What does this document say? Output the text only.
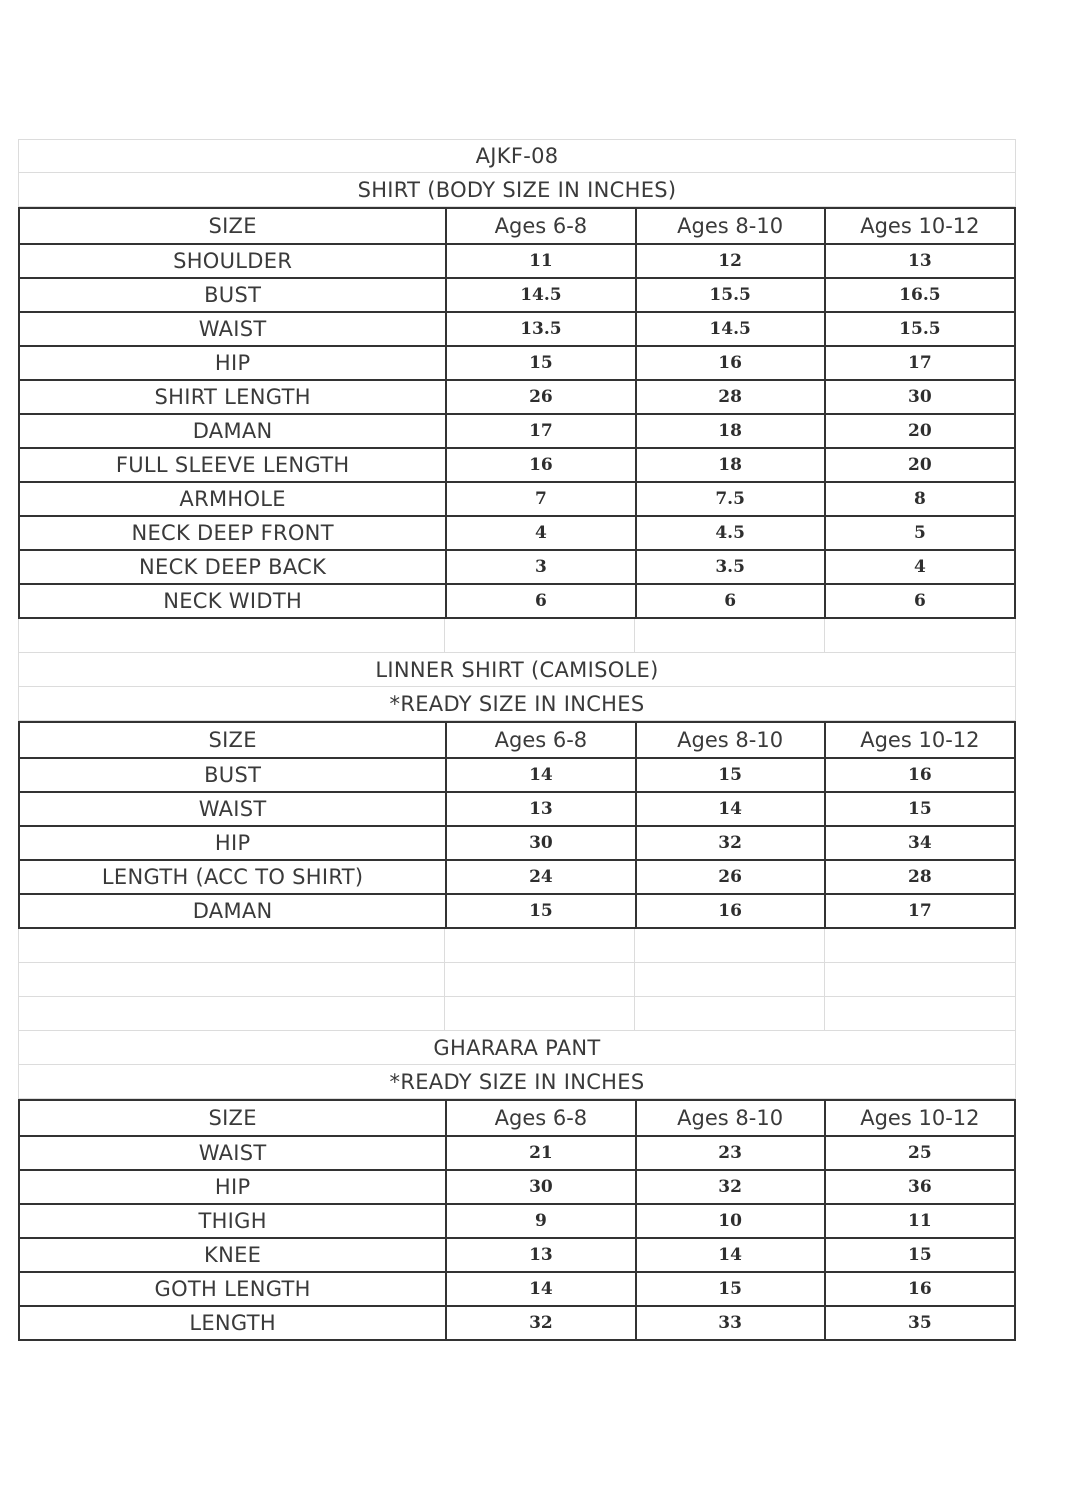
AJKF-08
SHIRT (BODY SIZE IN INCHES)
SIZE	Ages 6-8	Ages 8-10	Ages 10-12
SHOULDER	11	12	13
BUST	14.5	15.5	16.5
WAIST	13.5	14.5	15.5
HIP	15	16	17
SHIRT LENGTH	26	28	30
DAMAN	17	18	20
FULL SLEEVE LENGTH	16	18	20
ARMHOLE	7	7.5	8
NECK DEEP FRONT	4	4.5	5
NECK DEEP BACK	3	3.5	4
NECK WIDTH	6	6	6
LINNER SHIRT (CAMISOLE)
*READY SIZE IN INCHES
SIZE	Ages 6-8	Ages 8-10	Ages 10-12
BUST	14	15	16
WAIST	13	14	15
HIP	30	32	34
LENGTH (ACC TO SHIRT)	24	26	28
DAMAN	15	16	17
GHARARA PANT
*READY SIZE IN INCHES
SIZE	Ages 6-8	Ages 8-10	Ages 10-12
WAIST	21	23	25
HIP	30	32	36
THIGH	9	10	11
KNEE	13	14	15
GOTH LENGTH	14	15	16
LENGTH	32	33	35
